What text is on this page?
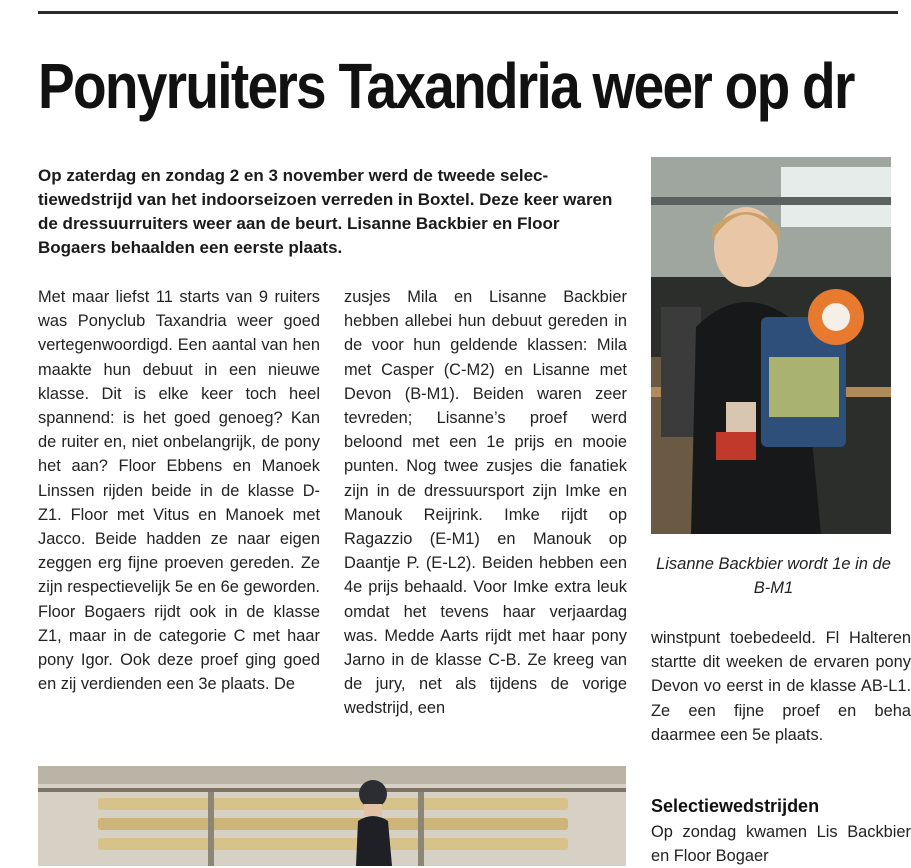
Ponyruiters Taxandria weer op dr

Op zaterdag en zondag 2 en 3 november werd de tweede selectiewedstrijd van het indoorseizoen verreden in Boxtel. Deze keer waren de dressuurruiters weer aan de beurt. Lisanne Backbier en Floor Bogaers behaalden een eerste plaats.

Met maar liefst 11 starts van 9 ruiters was Ponyclub Taxandria weer goed vertegenwoordigd. Een aantal van hen maakte hun debuut in een nieuwe klasse. Dit is elke keer toch heel spannend: is het goed genoeg? Kan de ruiter en, niet onbelangrijk, de pony het aan? Floor Ebbens en Manoek Linssen rijden beide in de klasse D-Z1. Floor met Vitus en Manoek met Jacco. Beide hadden ze naar eigen zeggen erg fijne proeven gereden. Ze zijn respectievelijk 5e en 6e geworden. Floor Bogaers rijdt ook in de klasse Z1, maar in de categorie C met haar pony Igor. Ook deze proef ging goed en zij verdienden een 3e plaats. De

zusjes Mila en Lisanne Backbier hebben allebei hun debuut gereden in de voor hun geldende klassen: Mila met Casper (C-M2) en Lisanne met Devon (B-M1). Beiden waren zeer tevreden; Lisanne’s proef werd beloond met een 1e prijs en mooie punten. Nog twee zusjes die fanatiek zijn in de dressuursport zijn Imke en Manouk Reijrink. Imke rijdt op Ragazzio (E-M1) en Manouk op Daantje P. (E-L2). Beiden hebben een 4e prijs behaald. Voor Imke extra leuk omdat het tevens haar verjaardag was. Medde Aarts rijdt met haar pony Jarno in de klasse C-B. Ze kreeg van de jury, net als tijdens de vorige wedstrijd, een

Lisanne Backbier wordt 1e in de B-M1

winstpunt toebedeeld. Fl Halteren startte dit weeken de ervaren pony Devon vo eerst in de klasse AB-L1. Ze een fijne proef en beha daarmee een 5e plaats.

Selectiewedstrijden

Op zondag kwamen Lis Backbier en Floor Bogaer
